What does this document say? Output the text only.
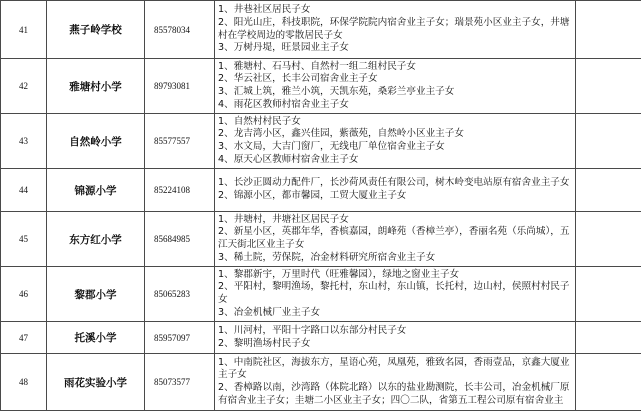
41	燕子岭学校	85578034	1、井巷社区居民子女
2、阳光山庄，科技职院，环保学院院内宿舍业主子女；瑞景苑小区业主子女，井塘村在学校周边的零散居民子女
3、万树丹堤，旺景园业主子女	

42	雅塘村小学	89793081	1、雅塘村、石马村、自然村一组二组村民子女
2、华云社区，长丰公司宿舍业主子女
3、汇城上筑，雅兰小筑，天凯东苑，桑彩兰亭业主子女
4、雨花区教师村宿舍业主子女	

43	自然岭小学	85577557	1、自然村村民子女
2、龙吉湾小区，鑫兴佳园，紫薇苑，自然岭小区业主子女
3、水文局，大吉门窗厂，无线电厂单位宿舍业主子女
4、原天心区教师村宿舍业主子女	

44	锦源小学	85224108	1、长沙正圆动力配件厂，长沙荷风责任有限公司，树木岭变电站原有宿舍业主子女
2、锦源小区，都市馨园，工贸大厦业主子女	

45	东方红小学	85684985	1、井塘村，井塘社区居民子女
2、新星小区，英郡年华，香槟嘉园，朗峰苑（香樟兰亭），香丽名苑（乐尚城），五江天街北区业主子女
3、稀土院，劳保院，冶金材料研究所宿舍业主子女	

46	黎郡小学	85065283	1、黎郡新宇，万里时代（旺雅馨园），绿地之窗业主子女
2、平阳村，黎明渔场，黎托村，东山村，东山镇，长托村，边山村，侯照村村民子女
3、冶金机械厂业主子女	

47	托溪小学	85957097	1、川河村，平阳十字路口以东部分村民子女
2、黎明渔场村民子女	

48	雨花实验小学	85073577	1、中南院社区，海拔东方，星语心苑，凤凰苑，雅致名园，香雨壹品，京鑫大厦业主子女
2、香樟路以南，沙湾路（体院北路）以东的盐业勘测院，长丰公司，冶金机械厂原有宿舍业主子女；圭塘二小区业主子女；四〇二队，省第五工程公司原有宿舍业主	
